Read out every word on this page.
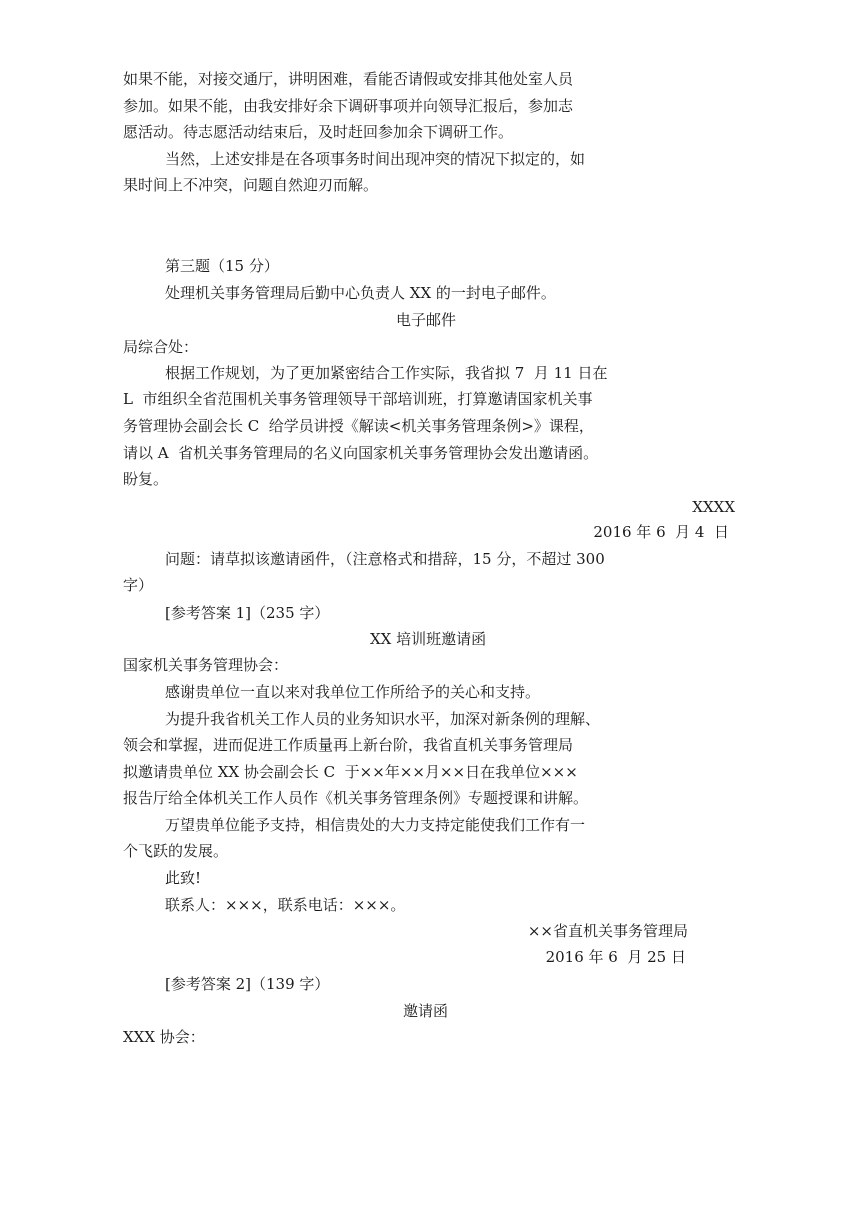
如果不能，对接交通厅，讲明困难，看能否请假或安排其他处室人员
参加。如果不能，由我安排好余下调研事项并向领导汇报后，参加志
愿活动。待志愿活动结束后，及时赶回参加余下调研工作。
当然，上述安排是在各项事务时间出现冲突的情况下拟定的，如
果时间上不冲突，问题自然迎刃而解。
第三题（15 分）
处理机关事务管理局后勤中心负责人 XX 的一封电子邮件。
电子邮件
局综合处：
根据工作规划，为了更加紧密结合工作实际，我省拟 7  月 11 日在
L  市组织全省范围机关事务管理领导干部培训班，打算邀请国家机关事
务管理协会副会长 C  给学员讲授《解读<机关事务管理条例>》课程，
请以 A  省机关事务管理局的名义向国家机关事务管理协会发出邀请函。
盼复。
XXXX
2016 年 6  月 4  日
问题：请草拟该邀请函件，（注意格式和措辞，15 分，不超过 300
字）
[参考答案 1]（235 字）
XX 培训班邀请函
国家机关事务管理协会：
感谢贵单位一直以来对我单位工作所给予的关心和支持。
为提升我省机关工作人员的业务知识水平，加深对新条例的理解、
领会和掌握，进而促进工作质量再上新台阶，我省直机关事务管理局
拟邀请贵单位 XX 协会副会长 C  于××年××月××日在我单位×××
报告厅给全体机关工作人员作《机关事务管理条例》专题授课和讲解。
万望贵单位能予支持，相信贵处的大力支持定能使我们工作有一
个飞跃的发展。
此致!
联系人：×××，联系电话：×××。
××省直机关事务管理局
2016 年 6  月 25 日
[参考答案 2]（139 字）
邀请函
XXX 协会：
